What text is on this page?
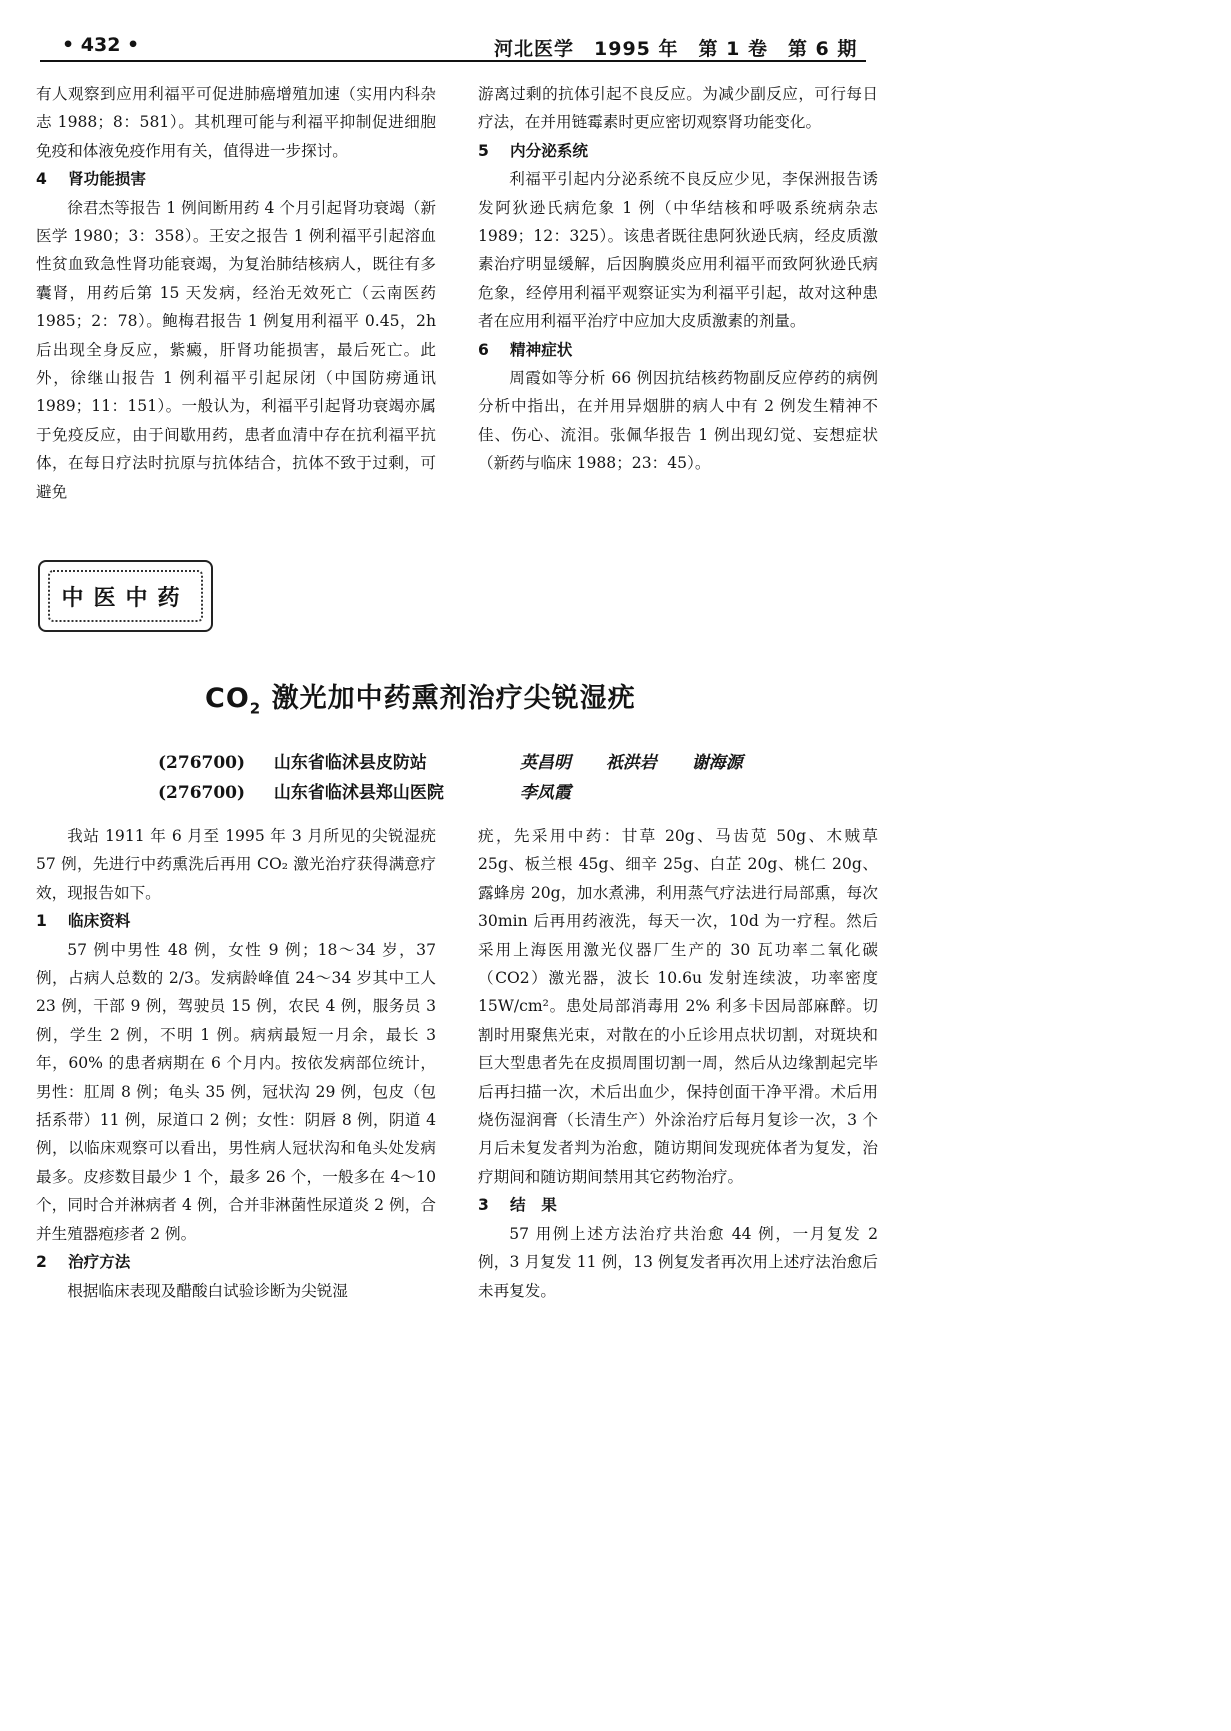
• 432 •	河北医学　1995 年　第 1 卷　第 6 期

有人观察到应用利福平可促进肺癌增殖加速（实用内科杂志 1988；8：581）。其机理可能与利福平抑制促进细胞免疫和体液免疫作用有关，值得进一步探讨。

4 肾功能损害

徐君杰等报告 1 例间断用药 4 个月引起肾功衰竭（新医学 1980；3：358）。王安之报告 1 例利福平引起溶血性贫血致急性肾功能衰竭，为复治肺结核病人，既往有多囊肾，用药后第 15 天发病，经治无效死亡（云南医药 1985；2：78）。鲍梅君报告 1 例复用利福平 0.45，2h 后出现全身反应，紫癜，肝肾功能损害，最后死亡。此外，徐继山报告 1 例利福平引起尿闭（中国防痨通讯 1989；11：151）。一般认为，利福平引起肾功衰竭亦属于免疫反应，由于间歇用药，患者血清中存在抗利福平抗体，在每日疗法时抗原与抗体结合，抗体不致于过剩，可避免

游离过剩的抗体引起不良反应。为减少副反应，可行每日疗法，在并用链霉素时更应密切观察肾功能变化。

5 内分泌系统

利福平引起内分泌系统不良反应少见，李保洲报告诱发阿狄逊氏病危象 1 例（中华结核和呼吸系统病杂志 1989；12：325）。该患者既往患阿狄逊氏病，经皮质激素治疗明显缓解，后因胸膜炎应用利福平而致阿狄逊氏病危象，经停用利福平观察证实为利福平引起，故对这种患者在应用利福平治疗中应加大皮质激素的剂量。

6 精神症状

周霞如等分析 66 例因抗结核药物副反应停药的病例分析中指出，在并用异烟肼的病人中有 2 例发生精神不佳、伤心、流泪。张佩华报告 1 例出现幻觉、妄想症状（新药与临床 1988；23：45）。

中医中药
$CO_2$ 激光加中药熏剂治疗尖锐湿疣
(276700) 山东省临沭县皮防站	英昌明 祇洪岩 谢海源
(276700) 山东省临沭县郑山医院	李凤霞

我站 1911 年 6 月至 1995 年 3 月所见的尖锐湿疣 57 例，先进行中药熏洗后再用 CO₂ 激光治疗获得满意疗效，现报告如下。

1 临床资料

57 例中男性 48 例，女性 9 例；18～34 岁，37 例，占病人总数的 2/3。发病龄峰值 24～34 岁其中工人 23 例，干部 9 例，驾驶员 15 例，农民 4 例，服务员 3 例，学生 2 例，不明 1 例。病病最短一月余，最长 3 年，60% 的患者病期在 6 个月内。按依发病部位统计，男性：肛周 8 例；龟头 35 例，冠状沟 29 例，包皮（包括系带）11 例，尿道口 2 例；女性：阴唇 8 例，阴道 4 例，以临床观察可以看出，男性病人冠状沟和龟头处发病最多。皮疹数目最少 1 个，最多 26 个，一般多在 4～10 个，同时合并淋病者 4 例，合并非淋菌性尿道炎 2 例，合并生殖器疱疹者 2 例。

2 治疗方法

根据临床表现及醋酸白试验诊断为尖锐湿

疣，先采用中药：甘草 20g、马齿苋 50g、木贼草 25g、板兰根 45g、细辛 25g、白芷 20g、桃仁 20g、露蜂房 20g，加水煮沸，利用蒸气疗法进行局部熏，每次 30min 后再用药液洗，每天一次，10d 为一疗程。然后采用上海医用激光仪器厂生产的 30 瓦功率二氧化碳（CO2）激光器，波长 10.6u 发射连续波，功率密度 15W/cm²。患处局部消毒用 2% 利多卡因局部麻醉。切割时用聚焦光束，对散在的小丘诊用点状切割，对斑块和巨大型患者先在皮损周围切割一周，然后从边缘割起完毕后再扫描一次，术后出血少，保持创面干净平滑。术后用烧伤湿润膏（长清生产）外涂治疗后每月复诊一次，3 个月后未复发者判为治愈，随访期间发现疣体者为复发，治疗期间和随访期间禁用其它药物治疗。

3 结　果

57 用例上述方法治疗共治愈 44 例，一月复发 2 例，3 月复发 11 例，13 例复发者再次用上述疗法治愈后未再复发。
